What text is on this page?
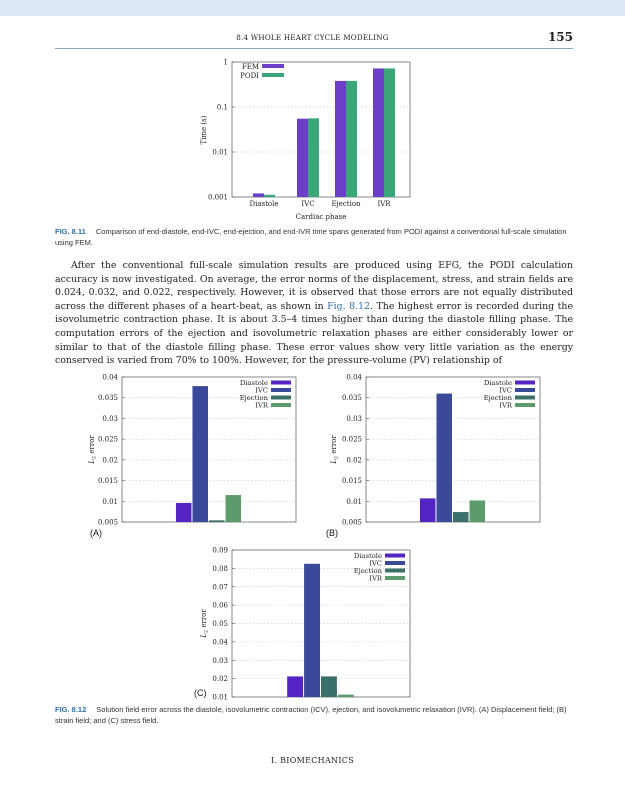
8.4 WHOLE HEART CYCLE MODELING	155
0.001
0.01
0.1
1
Diastole	IVC Ejection IVR
Cardiac phase
Time (s)
FEM
PODI
FIG. 8.11 Comparison of end-diastole, end-IVC, end-ejection, and end-IVR time spans generated from PODI against a conventional full-scale simulation using FEM.

After the conventional full-scale simulation results are produced using EFG, the PODI calculation accuracy is now investigated. On average, the error norms of the displacement, stress, and strain fields are 0.024, 0.032, and 0.022, respectively. However, it is observed that those errors are not equally distributed across the different phases of a heart-beat, as shown in Fig. 8.12. The highest error is recorded during the isovolumetric contraction phase. It is about 3.5–4 times higher than during the diastole filling phase. The computation errors of the ejection and isovolumetric relaxation phases are either considerably lower or similar to that of the diastole filling phase. These error values show very little variation as the energy conserved is varied from 70% to 100%. However, for the pressure-volume (PV) relationship of

0.005
0.01
0.015
0.02
0.025
0.03
0.035
0.04
$L_2$ error
Diastole
IVC
Ejection
IVR
(A)
0.005
0.01
0.015
0.02
0.025
0.03
0.035
0.04
$L_2$ error
Diastole
IVC
Ejection
IVR
(B)
0.01
0.02
0.03
0.04
0.05
0.06
0.07
0.08
0.09
$L_2$ error
Diastole
IVC
Ejection
IVR
(C)
FIG. 8.12 Solution field error across the diastole, isovolumetric contraction (ICV), ejection, and isovolumetric relaxation (IVR). (A) Displacement field; (B) strain field; and (C) stress field.
I. BIOMECHANICS
